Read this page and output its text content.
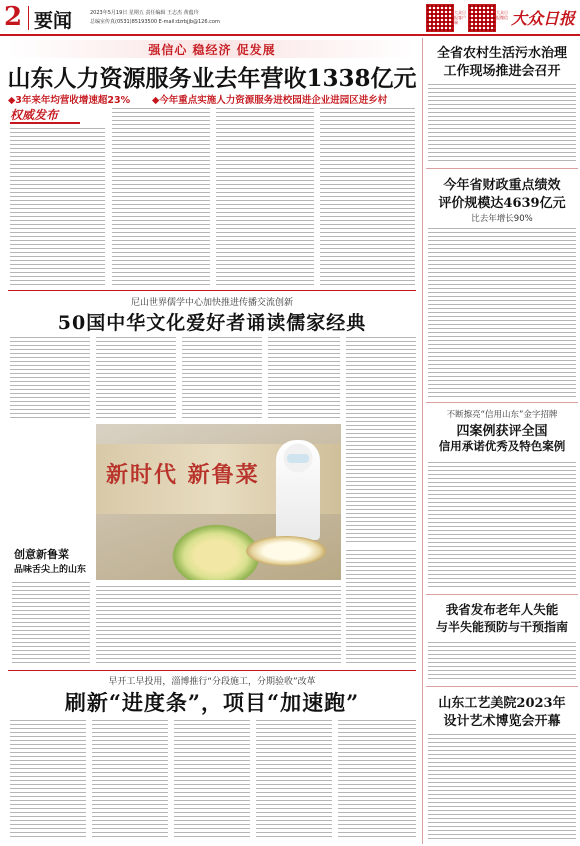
2 要闻	2023年5月19日 星期五 责任编辑 王志杰 黄蕴玲
总编室传真(0531)85193500 E-mail:dzrbjjb@126.com
大众日报客户端
大众日报微信 大众日报
强信心 稳经济 促发展
山东人力资源服务业去年营收1338亿元
◆3年来年均营收增速超23% ◆今年重点实施人力资源服务进校园进企业进园区进乡村
权威发布
尼山世界儒学中心加快推进传播交流创新
50国中华文化爱好者诵读儒家经典
新时代 新鲁菜
创意新鲁菜
品味舌尖上的山东
早开工早投用，淄博推行“分段施工，分期验收”改革
刷新“进度条”，项目“加速跑”
全省农村生活污水治理
工作现场推进会召开
今年省财政重点绩效
评价规模达4639亿元
比去年增长90%
不断擦亮“信用山东”金字招牌
四案例获评全国
信用承诺优秀及特色案例
我省发布老年人失能
与半失能预防与干预指南
山东工艺美院2023年
设计艺术博览会开幕
